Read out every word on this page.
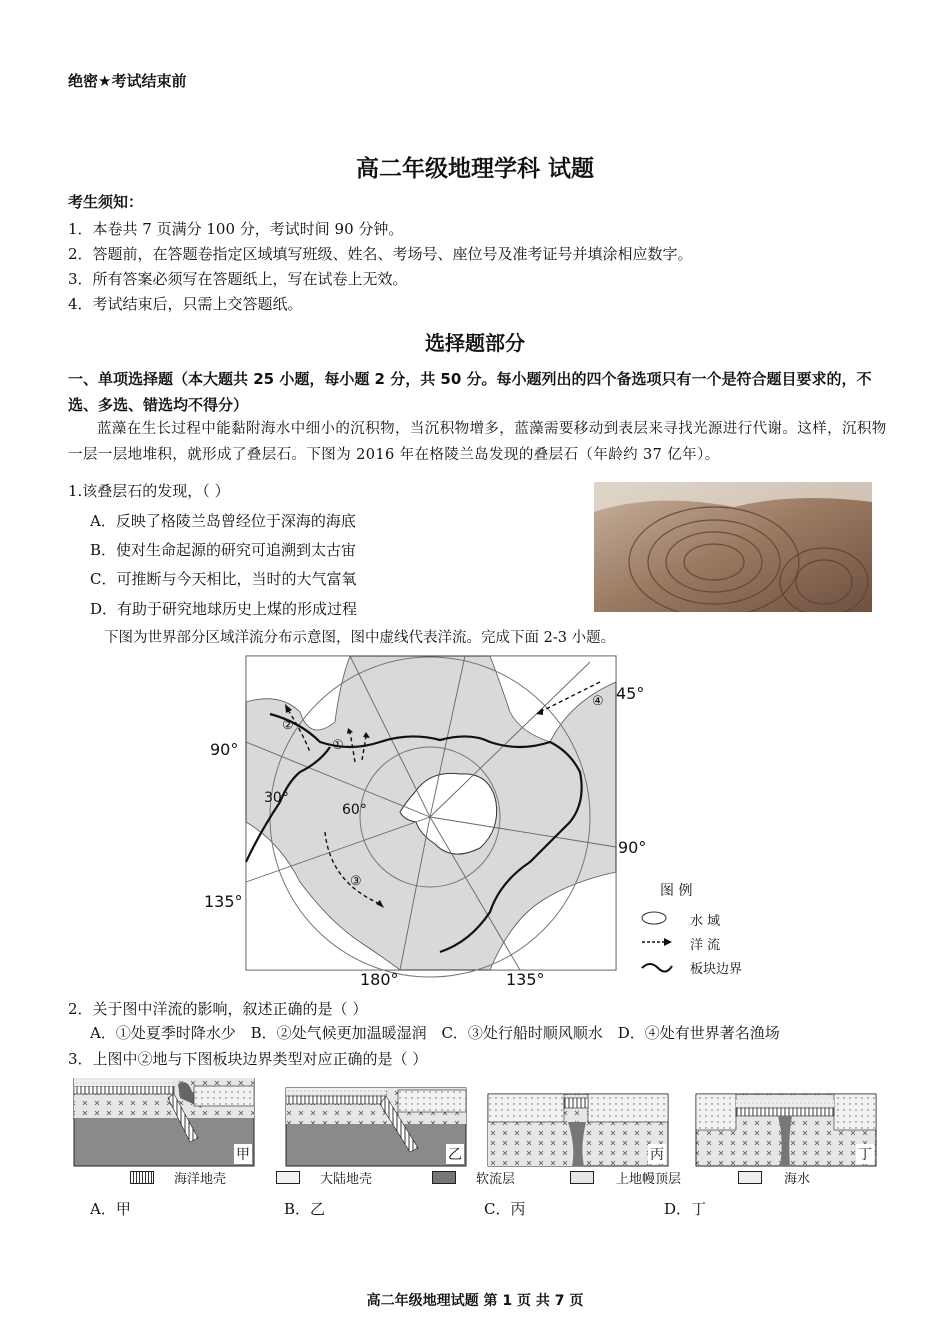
绝密★考试结束前
高二年级地理学科 试题
考生须知：
1．本卷共 7 页满分 100 分，考试时间 90 分钟。
2．答题前，在答题卷指定区域填写班级、姓名、考场号、座位号及准考证号并填涂相应数字。
3．所有答案必须写在答题纸上，写在试卷上无效。
4．考试结束后，只需上交答题纸。
选择题部分
一、单项选择题（本大题共 25 小题，每小题 2 分，共 50 分。每小题列出的四个备选项只有一个是符合题目要求的，不选、多选、错选均不得分）
蓝藻在生长过程中能黏附海水中细小的沉积物，当沉积物增多，蓝藻需要移动到表层来寻找光源进行代谢。这样，沉积物一层一层地堆积，就形成了叠层石。下图为 2016 年在格陵兰岛发现的叠层石（年龄约 37 亿年）。
1.该叠层石的发现，（ ）
A．反映了格陵兰岛曾经位于深海的海底
B．使对生命起源的研究可追溯到太古宙
C．可推断与今天相比，当时的大气富氧
D．有助于研究地球历史上煤的形成过程
下图为世界部分区域洋流分布示意图，图中虚线代表洋流。完成下面 2-3 小题。
45°
90°
30°
60°
90°
135°
180°	135°
①
②
③
④
图 例
水 域
洋 流
板块边界
2．关于图中洋流的影响，叙述正确的是（ ）
A．①处夏季时降水少 B．②处气候更加温暖湿润 C．③处行船时顺风顺水 D．④处有世界著名渔场
3．上图中②地与下图板块边界类型对应正确的是（ ）
甲	乙	丙	丁
海洋地壳	大陆地壳	软流层	上地幔顶层	海水
A．甲	B．乙	C．丙	D．丁
高二年级地理试题 第 1 页 共 7 页
